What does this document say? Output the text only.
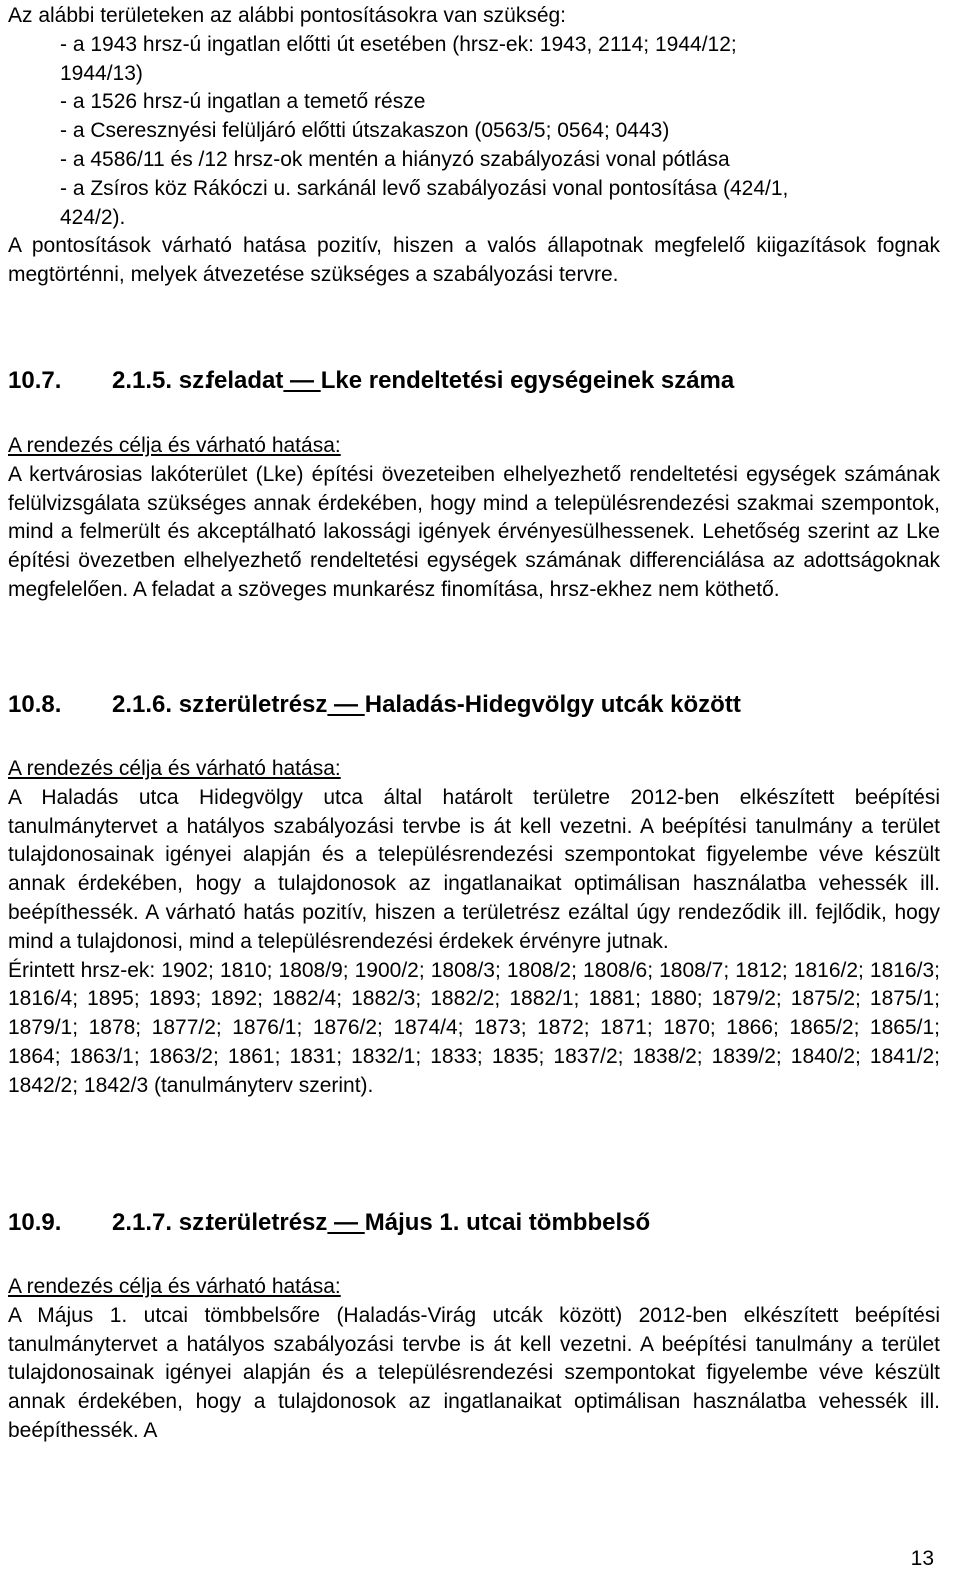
Az alábbi területeken az alábbi pontosításokra van szükség:
- a 1943 hrsz-ú ingatlan előtti út esetében (hrsz-ek: 1943, 2114; 1944/12;
1944/13)
- a 1526 hrsz-ú ingatlan a temető része
- a Cseresznyési felüljáró előtti útszakaszon (0563/5; 0564; 0443)
- a 4586/11 és /12 hrsz-ok mentén a hiányzó szabályozási vonal pótlása
- a Zsíros köz Rákóczi u. sarkánál levő szabályozási vonal pontosítása (424/1,
424/2).
A pontosítások várható hatása pozitív, hiszen a valós állapotnak megfelelő kiigazítások fognak megtörténni, melyek átvezetése szükséges a szabályozási tervre.
10.7. 2.1.5. sz.feladat — Lke rendeltetési egységeinek száma

A rendezés célja és várható hatása:

A kertvárosias lakóterület (Lke) építési övezeteiben elhelyezhető rendeltetési egységek számának felülvizsgálata szükséges annak érdekében, hogy mind a településrendezési szakmai szempontok, mind a felmerült és akceptálható lakossági igények érvényesülhessenek. Lehetőség szerint az Lke építési övezetben elhelyezhető rendeltetési egységek számának differenciálása az adottságoknak megfelelően. A feladat a szöveges munkarész finomítása, hrsz-ekhez nem köthető.

10.8. 2.1.6. sz.területrész — Haladás-Hidegvölgy utcák között

A rendezés célja és várható hatása:

A Haladás utca Hidegvölgy utca által határolt területre 2012-ben elkészített beépítési tanulmánytervet a hatályos szabályozási tervbe is át kell vezetni. A beépítési tanulmány a terület tulajdonosainak igényei alapján és a településrendezési szempontokat figyelembe véve készült annak érdekében, hogy a tulajdonosok az ingatlanaikat optimálisan használatba vehessék ill. beépíthessék. A várható hatás pozitív, hiszen a területrész ezáltal úgy rendeződik ill. fejlődik, hogy mind a tulajdonosi, mind a településrendezési érdekek érvényre jutnak.

Érintett hrsz-ek: 1902; 1810; 1808/9; 1900/2; 1808/3; 1808/2; 1808/6; 1808/7; 1812; 1816/2; 1816/3; 1816/4; 1895; 1893; 1892; 1882/4; 1882/3; 1882/2; 1882/1; 1881; 1880; 1879/2; 1875/2; 1875/1; 1879/1; 1878; 1877/2; 1876/1; 1876/2; 1874/4; 1873; 1872; 1871; 1870; 1866; 1865/2; 1865/1; 1864; 1863/1; 1863/2; 1861; 1831; 1832/1; 1833; 1835; 1837/2; 1838/2; 1839/2; 1840/2; 1841/2; 1842/2; 1842/3 (tanulmányterv szerint).

10.9. 2.1.7. sz.területrész — Május 1. utcai tömbbelső

A rendezés célja és várható hatása:

A Május 1. utcai tömbbelsőre (Haladás-Virág utcák között) 2012-ben elkészített beépítési tanulmánytervet a hatályos szabályozási tervbe is át kell vezetni. A beépítési tanulmány a terület tulajdonosainak igényei alapján és a településrendezési szempontokat figyelembe véve készült annak érdekében, hogy a tulajdonosok az ingatlanaikat optimálisan használatba vehessék ill. beépíthessék. A

13
